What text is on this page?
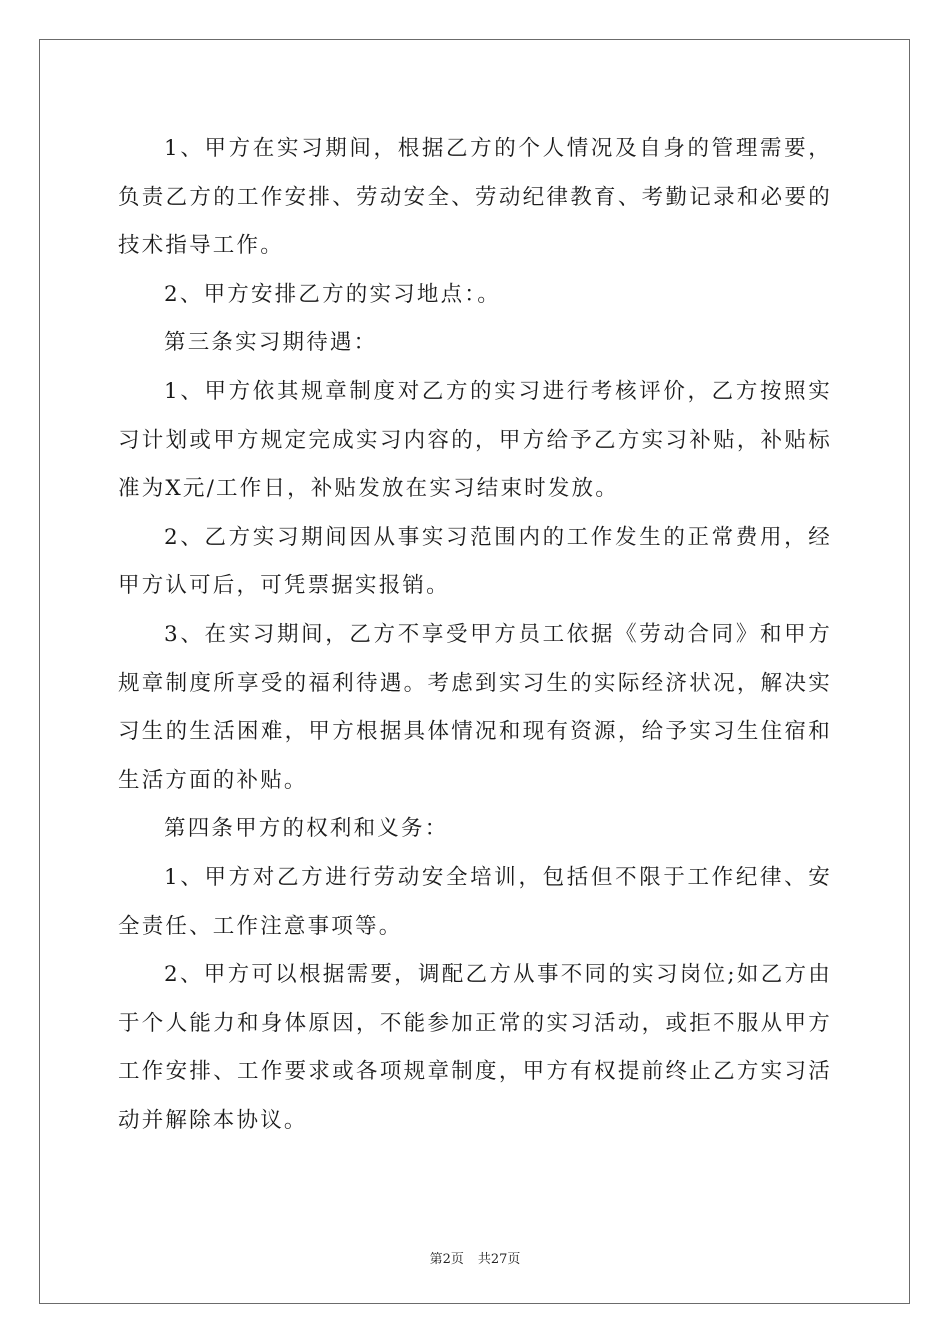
1、甲方在实习期间，根据乙方的个人情况及自身的管理需要，负责乙方的工作安排、劳动安全、劳动纪律教育、考勤记录和必要的技术指导工作。

2、甲方安排乙方的实习地点：。

第三条实习期待遇：

1、甲方依其规章制度对乙方的实习进行考核评价，乙方按照实习计划或甲方规定完成实习内容的，甲方给予乙方实习补贴，补贴标准为X元/工作日，补贴发放在实习结束时发放。

2、乙方实习期间因从事实习范围内的工作发生的正常费用，经甲方认可后，可凭票据实报销。

3、在实习期间，乙方不享受甲方员工依据《劳动合同》和甲方规章制度所享受的福利待遇。考虑到实习生的实际经济状况，解决实习生的生活困难，甲方根据具体情况和现有资源，给予实习生住宿和生活方面的补贴。

第四条甲方的权利和义务：

1、甲方对乙方进行劳动安全培训，包括但不限于工作纪律、安全责任、工作注意事项等。

2、甲方可以根据需要，调配乙方从事不同的实习岗位;如乙方由于个人能力和身体原因，不能参加正常的实习活动，或拒不服从甲方工作安排、工作要求或各项规章制度，甲方有权提前终止乙方实习活动并解除本协议。

第2页 共27页
